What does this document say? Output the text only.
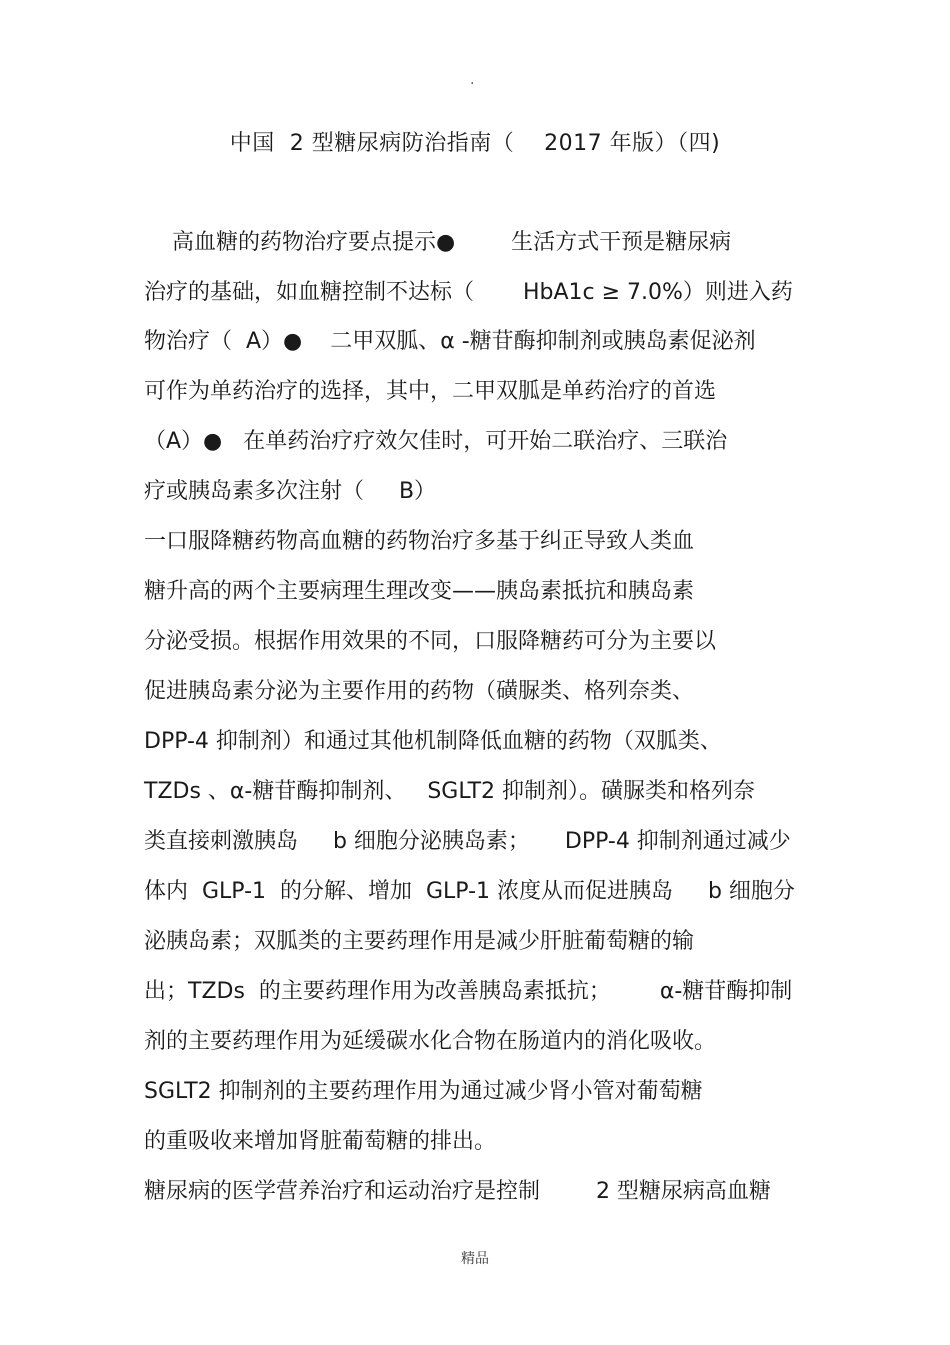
.
中国  2 型糖尿病防治指南（    2017 年版）（四)
高血糖的药物治疗要点提示●        生活方式干预是糖尿病
治疗的基础，如血糖控制不达标（       HbA1c ≥ 7.0%）则进入药
物治疗（  A）●    二甲双胍、α -糖苷酶抑制剂或胰岛素促泌剂
可作为单药治疗的选择，其中，二甲双胍是单药治疗的首选
（A）●   在单药治疗疗效欠佳时，可开始二联治疗、三联治
疗或胰岛素多次注射（     B）
一口服降糖药物高血糖的药物治疗多基于纠正导致人类血
糖升高的两个主要病理生理改变——胰岛素抵抗和胰岛素
分泌受损。根据作用效果的不同，口服降糖药可分为主要以
促进胰岛素分泌为主要作用的药物（磺脲类、格列奈类、
DPP-4 抑制剂）和通过其他机制降低血糖的药物（双胍类、
TZDs 、α-糖苷酶抑制剂、   SGLT2 抑制剂）。磺脲类和格列奈
类直接刺激胰岛     b 细胞分泌胰岛素；     DPP-4 抑制剂通过减少
体内  GLP-1  的分解、增加  GLP-1 浓度从而促进胰岛     b 细胞分
泌胰岛素；双胍类的主要药理作用是减少肝脏葡萄糖的输
出；TZDs  的主要药理作用为改善胰岛素抵抗；       α-糖苷酶抑制
剂的主要药理作用为延缓碳水化合物在肠道内的消化吸收。
SGLT2 抑制剂的主要药理作用为通过减少肾小管对葡萄糖
的重吸收来增加肾脏葡萄糖的排出。
糖尿病的医学营养治疗和运动治疗是控制        2 型糖尿病高血糖
精品
